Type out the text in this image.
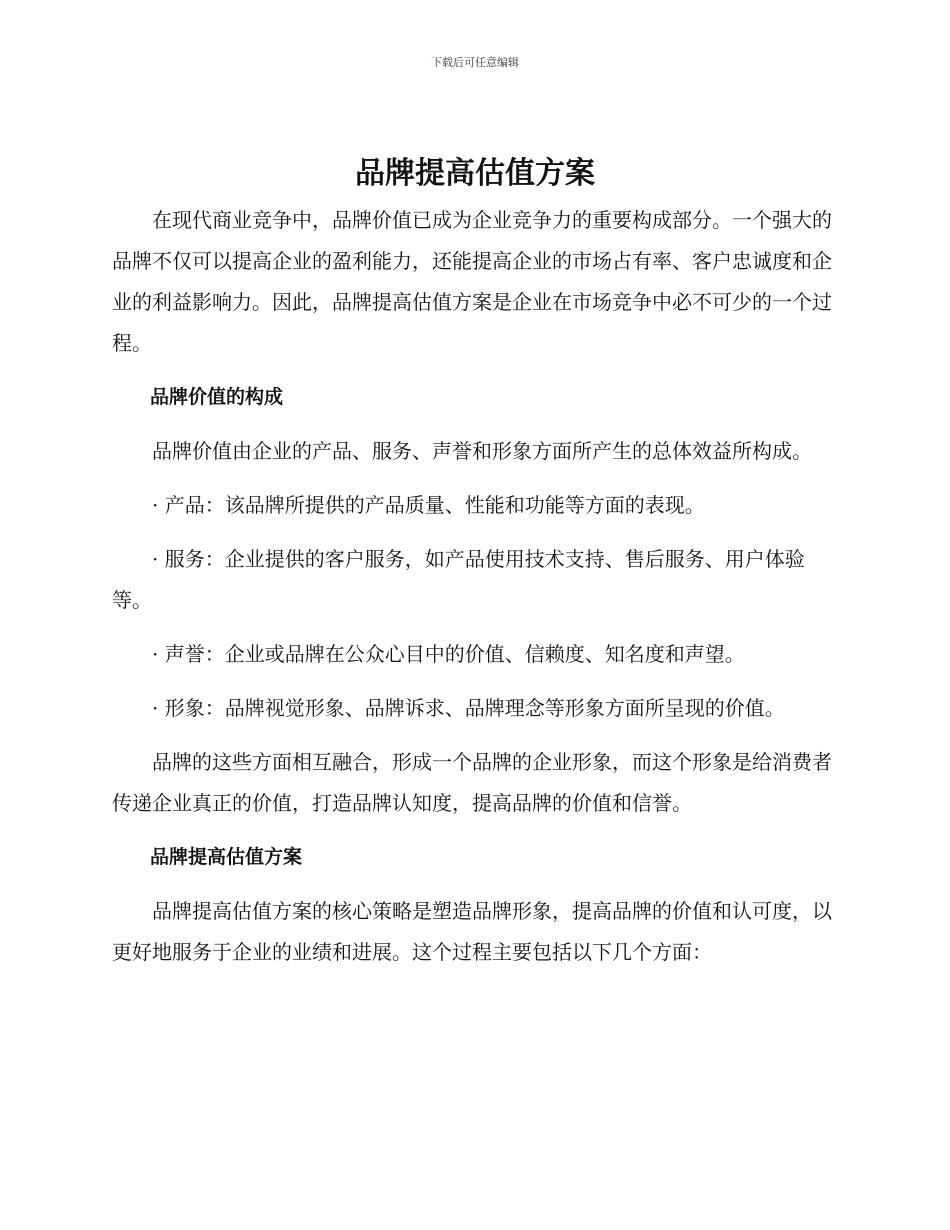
下载后可任意编辑
品牌提高估值方案

在现代商业竞争中，品牌价值已成为企业竞争力的重要构成部分。一个强大的品牌不仅可以提高企业的盈利能力，还能提高企业的市场占有率、客户忠诚度和企业的利益影响力。因此，品牌提高估值方案是企业在市场竞争中必不可少的一个过程。

品牌价值的构成

品牌价值由企业的产品、服务、声誉和形象方面所产生的总体效益所构成。

· 产品：该品牌所提供的产品质量、性能和功能等方面的表现。

· 服务：企业提供的客户服务，如产品使用技术支持、售后服务、用户体验等。

· 声誉：企业或品牌在公众心目中的价值、信赖度、知名度和声望。

· 形象：品牌视觉形象、品牌诉求、品牌理念等形象方面所呈现的价值。

品牌的这些方面相互融合，形成一个品牌的企业形象，而这个形象是给消费者传递企业真正的价值，打造品牌认知度，提高品牌的价值和信誉。

品牌提高估值方案

品牌提高估值方案的核心策略是塑造品牌形象，提高品牌的价值和认可度，以更好地服务于企业的业绩和进展。这个过程主要包括以下几个方面：
